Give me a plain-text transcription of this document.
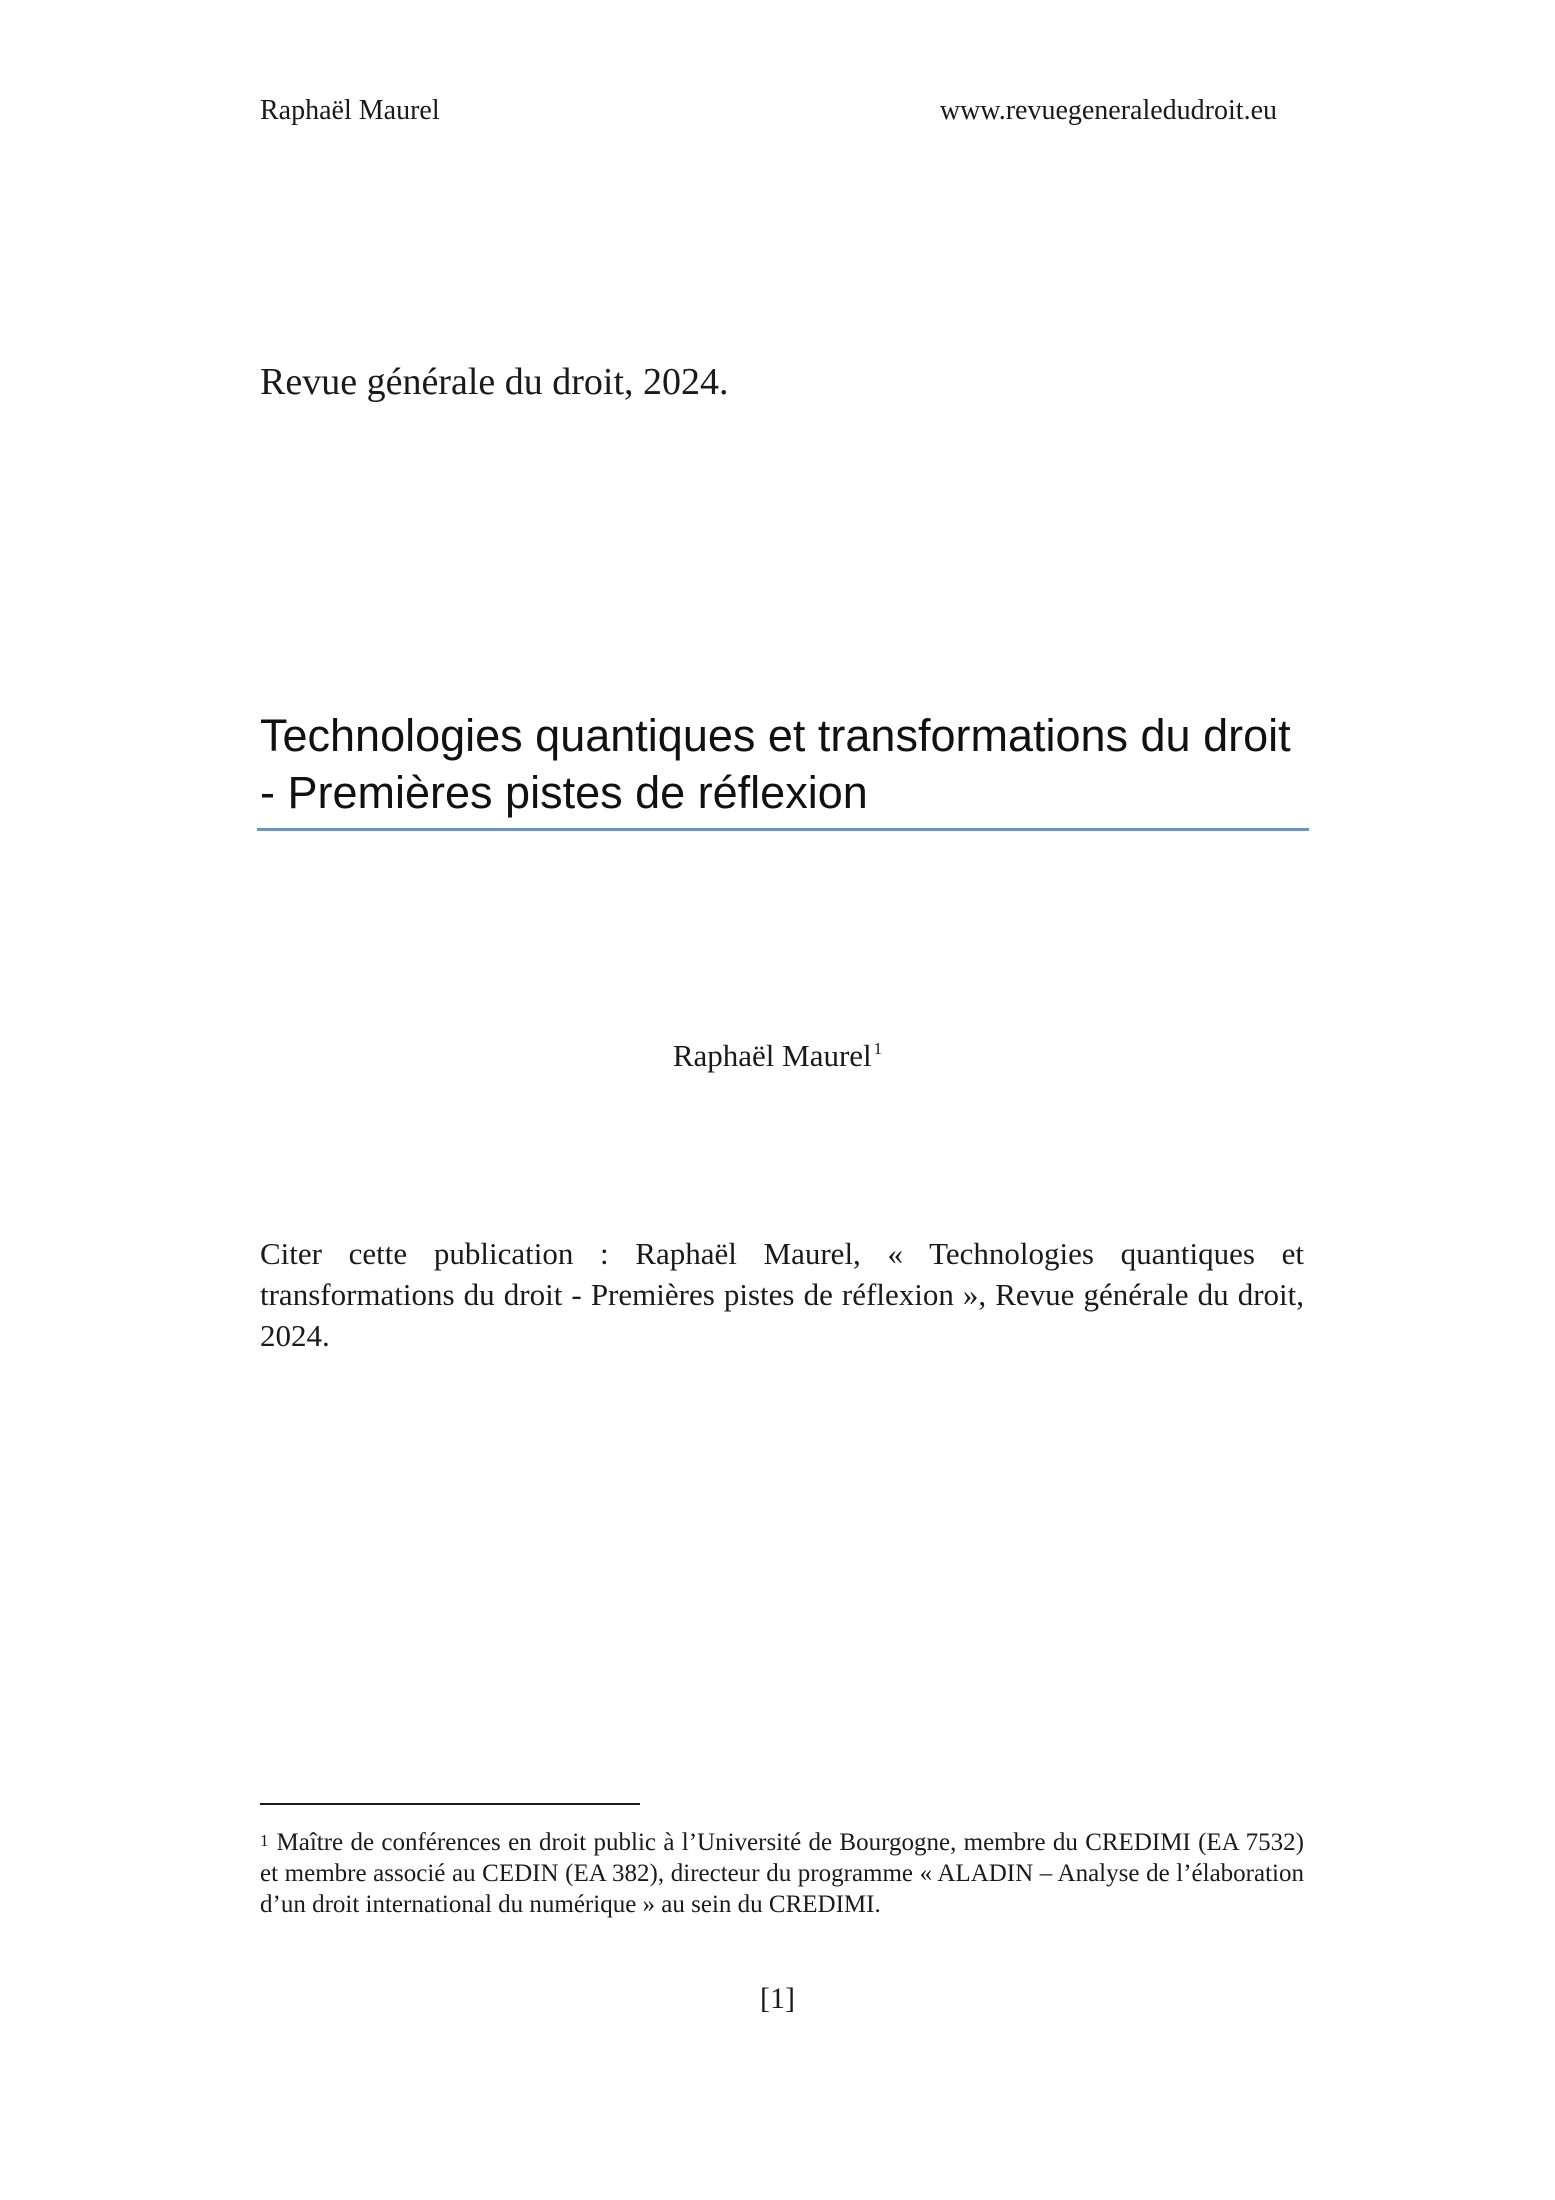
Raphaël Maurel	www.revuegeneraledudroit.eu
Revue générale du droit, 2024.
Technologies quantiques et transformations du droit - Premières pistes de réflexion
Raphaël Maurel $^1$
Citer cette publication : Raphaël Maurel, « Technologies quantiques et transformations du droit - Premières pistes de réflexion », Revue générale du droit, 2024.
1 Maître de conférences en droit public à l’Université de Bourgogne, membre du CREDIMI (EA 7532) et membre associé au CEDIN (EA 382), directeur du programme « ALADIN – Analyse de l’élaboration d’un droit international du numérique » au sein du CREDIMI.
[1]
